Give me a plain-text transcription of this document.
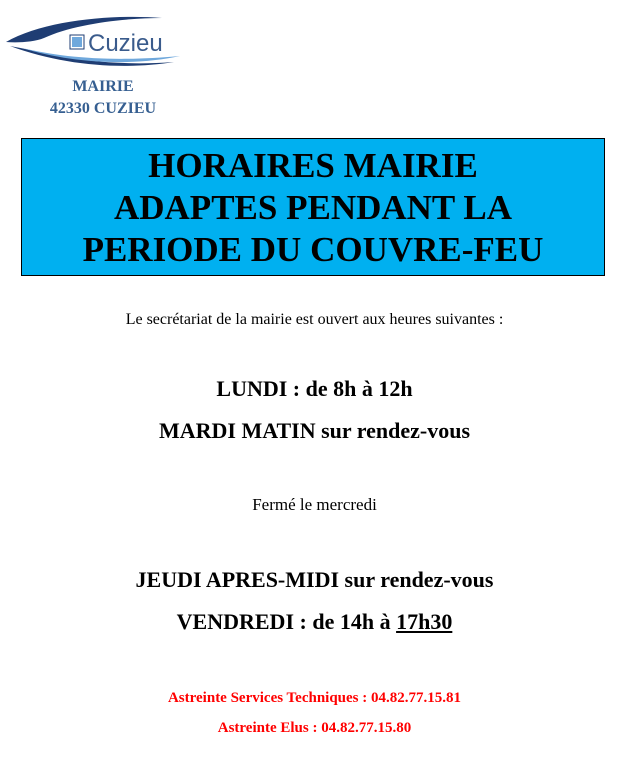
Cuzieu
MAIRIE
42330 CUZIEU
HORAIRES MAIRIE
ADAPTES PENDANT LA
PERIODE DU COUVRE-FEU
Le secrétariat de la mairie est ouvert aux heures suivantes :
LUNDI : de 8h à 12h
MARDI MATIN sur rendez-vous
Fermé le mercredi
JEUDI APRES-MIDI sur rendez-vous
VENDREDI : de 14h à 17h30
Astreinte Services Techniques : 04.82.77.15.81
Astreinte Elus : 04.82.77.15.80
